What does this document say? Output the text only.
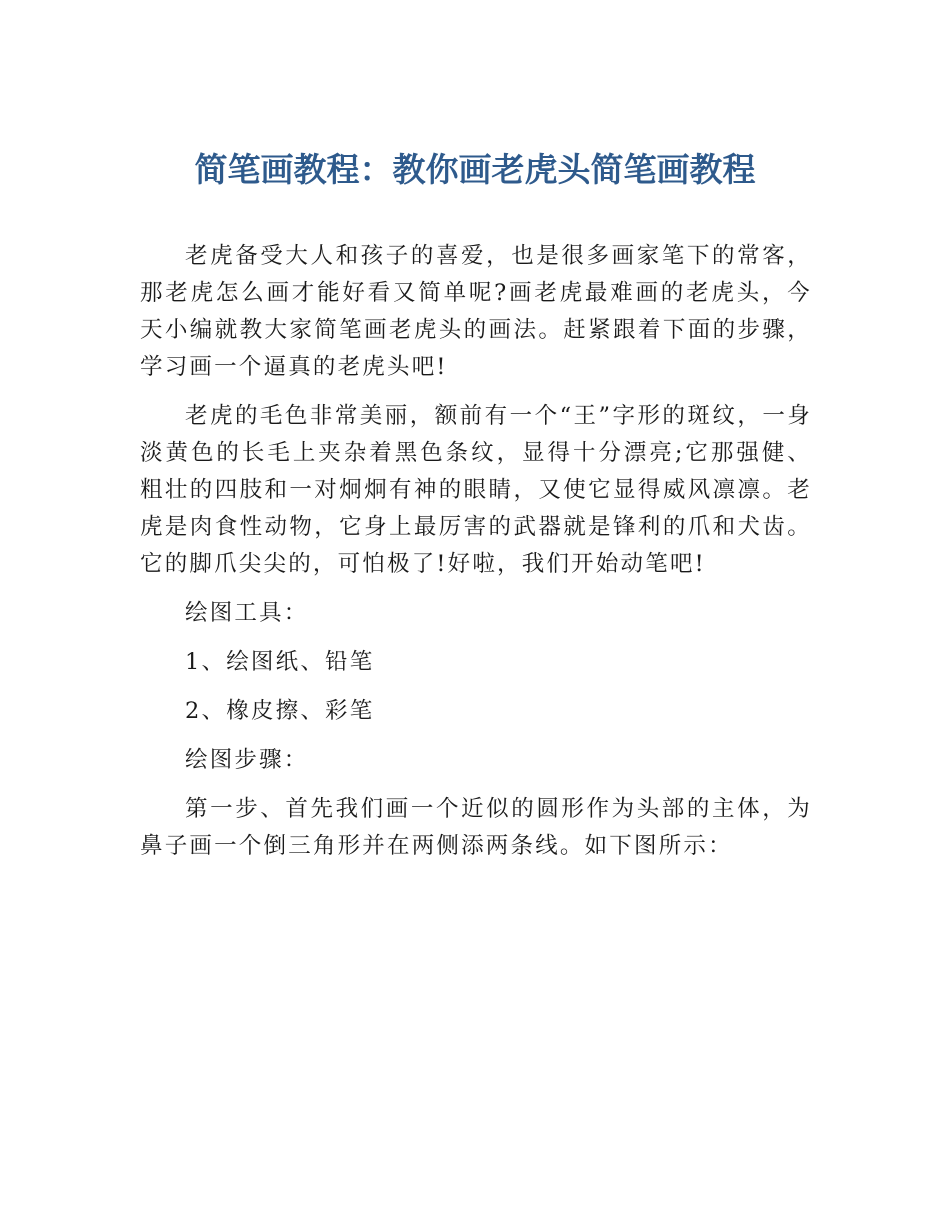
简笔画教程：教你画老虎头简笔画教程

老虎备受大人和孩子的喜爱，也是很多画家笔下的常客，那老虎怎么画才能好看又简单呢?画老虎最难画的老虎头，今天小编就教大家简笔画老虎头的画法。赶紧跟着下面的步骤，学习画一个逼真的老虎头吧!

老虎的毛色非常美丽，额前有一个“王”字形的斑纹，一身淡黄色的长毛上夹杂着黑色条纹，显得十分漂亮;它那强健、粗壮的四肢和一对炯炯有神的眼睛，又使它显得威风凛凛。老虎是肉食性动物，它身上最厉害的武器就是锋利的爪和犬齿。它的脚爪尖尖的，可怕极了!好啦，我们开始动笔吧!

绘图工具：

1、绘图纸、铅笔

2、橡皮擦、彩笔

绘图步骤：

第一步、首先我们画一个近似的圆形作为头部的主体，为鼻子画一个倒三角形并在两侧添两条线。如下图所示：
